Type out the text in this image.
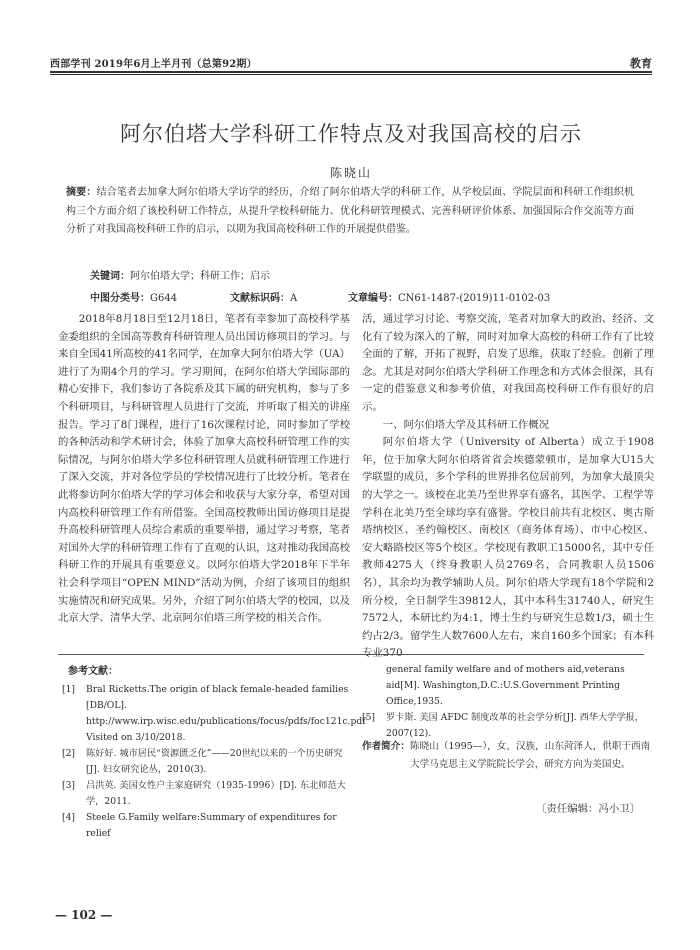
西部学刊 2019年6月上半月刊（总第92期）	教育
阿尔伯塔大学科研工作特点及对我国高校的启示
陈晓山
摘要：结合笔者去加拿大阿尔伯塔大学访学的经历，介绍了阿尔伯塔大学的科研工作，从学校层面、学院层面和科研工作组织机构三个方面介绍了该校科研工作特点，从提升学校科研能力、优化科研管理模式、完善科研评价体系、加强国际合作交流等方面分析了对我国高校科研工作的启示，以期为我国高校科研工作的开展提供借鉴。
关键词：阿尔伯塔大学；科研工作；启示
中图分类号：G644	文献标识码：A	文章编号：CN61-1487-(2019)11-0102-03

2018年8月18日至12月18日，笔者有幸参加了高校科学基金委组织的全国高等教育科研管理人员出国访修项目的学习。与来自全国41所高校的41名同学，在加拿大阿尔伯塔大学（UA）进行了为期4个月的学习。学习期间，在阿尔伯塔大学国际部的精心安排下，我们参访了各院系及其下属的研究机构，参与了多个科研项目，与科研管理人员进行了交流，并听取了相关的讲座报告。学习了8门课程，进行了16次课程讨论，同时参加了学校的各种活动和学术研讨会，体验了加拿大高校科研管理工作的实际情况，与阿尔伯塔大学多位科研管理人员就科研管理工作进行了深入交流，并对各位学员的学校情况进行了比较分析。笔者在此将参访阿尔伯塔大学的学习体会和收获与大家分享，希望对国内高校科研管理工作有所借鉴。全国高校教师出国访修项目是提升高校科研管理人员综合素质的重要举措，通过学习考察，笔者对国外大学的科研管理工作有了直观的认识，这对推动我国高校科研工作的开展具有重要意义。以阿尔伯塔大学2018年下半年社会科学项目“OPEN MIND”活动为例，介绍了该项目的组织实施情况和研究成果。另外，介绍了阿尔伯塔大学的校园，以及北京大学、清华大学、北京阿尔伯塔三所学校的相关合作。

活，通过学习讨论、考察交流，笔者对加拿大的政治、经济、文化有了较为深入的了解，同时对加拿大高校的科研工作有了比较全面的了解，开拓了视野，启发了思维，获取了经验。创新了理念。尤其是对阿尔伯塔大学科研工作理念和方式体会很深，具有一定的借鉴意义和参考价值，对我国高校科研工作有很好的启示。

一、阿尔伯塔大学及其科研工作概况

阿尔伯塔大学（University of Alberta）成立于1908年，位于加拿大阿尔伯塔省省会埃德蒙顿市，是加拿大U15大学联盟的成员，多个学科的世界排名位居前列，为加拿大最顶尖的大学之一。该校在北美乃至世界享有盛名，其医学、工程学等学科在北美乃至全球均享有盛誉。学校目前共有北校区、奥古斯塔纳校区、圣约翰校区、南校区（商务体育场）、市中心校区、安大略路校区等5个校区。学校现有教职工15000名，其中专任教师4275人（终身教职人员2769名，合同教职人员1506名），其余均为教学辅助人员。阿尔伯塔大学现有18个学院和2所分校，全日制学生39812人，其中本科生31740人，研究生7572人，本研比约为4:1，博士生约与研究生总数1/3，硕士生约占2/3。留学生人数7600人左右，来自160多个国家；有本科

参考文献：
[1]	Bral Ricketts.The origin of black female-headed families [DB/OL]. http://www.irp.wisc.edu/publications/focus/pdfs/foc121c.pdf Visited on 3/10/2018.
[2]	陈好好. 城市居民“资源匮乏化”——20世纪以来的一个历史研究[J]. 妇女研究论丛，2010(3).
[3]	吕洪英. 美国女性户主家庭研究（1935-1996）[D]. 东北师范大学，2011.
[4]	Steele G.Family welfare:Summary of expenditures for relief
general family welfare and of mothers aid,veterans aid[M]. Washington,D.C.:U.S.Government Printing Office,1935.
[5]	罗卡斯. 美国 AFDC 制度改革的社会学分析[J]. 西华大学学报，2007(12).
作者简介： 陈晓山（1995—），女，汉族，山东菏泽人，供职于西南大学马克思主义学院院长学会，研究方向为美国史。
〔责任编辑：冯小卫〕
— 102 —
